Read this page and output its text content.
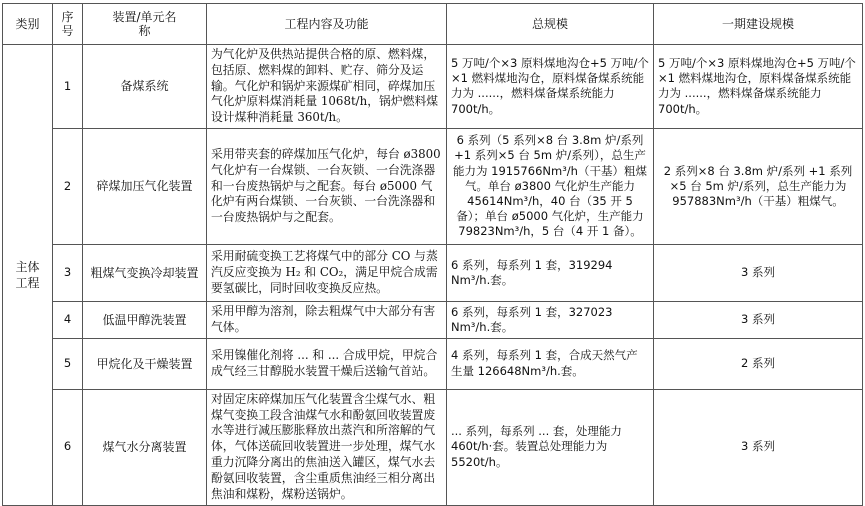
类别	序号	装置/单元名称	工程内容及功能	总规模	一期建设规模
主体工程	1	备煤系统	为气化炉及供热站提供合格的原、燃料煤，包括原、燃料煤的卸料、贮存、筛分及运输。气化炉和锅炉来源煤矿相同，碎煤加压气化炉原料煤消耗量 1068t/h，锅炉燃料煤设计煤种消耗量 360t/h。	5 万吨/个×3 原料煤地沟仓+5 万吨/个×1 燃料煤地沟仓，原料煤备煤系统能力为 ......，燃料煤备煤系统能力 700t/h。	5 万吨/个×3 原料煤地沟仓+5 万吨/个×1 燃料煤地沟仓，原料煤备煤系统能力为 ......，燃料煤备煤系统能力 700t/h。
	2	碎煤加压气化装置	采用带夹套的碎煤加压气化炉，每台 ø3800 气化炉有一台煤锁、一台灰锁、一台洗涤器和一台废热锅炉与之配套。每台 ø5000 气化炉有两台煤锁、一台灰锁、一台洗涤器和一台废热锅炉与之配套。	6 系列（5 系列×8 台 3.8m 炉/系列+1 系列×5 台 5m 炉/系列），总生产能力为 1915766Nm³/h（干基）粗煤气。单台 ø3800 气化炉生产能力 45614Nm³/h，40 台（35 开 5 备）；单台 ø5000 气化炉，生产能力 79823Nm³/h，5 台（4 开 1 备）。	2 系列×8 台 3.8m 炉/系列 +1 系列×5 台 5m 炉/系列，总生产能力为 957883Nm³/h（干基）粗煤气。
	3	粗煤气变换冷却装置	采用耐硫变换工艺将煤气中的部分 CO 与蒸汽反应变换为 H₂ 和 CO₂，满足甲烷合成需要氢碳比，同时回收变换反应热。	6 系列，每系列 1 套，319294 Nm³/h.套。	3 系列
	4	低温甲醇洗装置	采用甲醇为溶剂，除去粗煤气中大部分有害气体。	6 系列，每系列 1 套，327023 Nm³/h.套。	3 系列
	5	甲烷化及干燥装置	采用镍催化剂将 ... 和 ... 合成甲烷，甲烷合成气经三甘醇脱水装置干燥后送输气首站。	4 系列，每系列 1 套，合成天然气产生量 126648Nm³/h.套。	2 系列
	6	煤气水分离装置	对固定床碎煤加压气化装置含尘煤气水、粗煤气变换工段含油煤气水和酚氨回收装置废水等进行减压膨胀释放出蒸汽和所溶解的气体，气体送硫回收装置进一步处理，煤气水重力沉降分离出的焦油送入罐区，煤气水去酚氨回收装置，含尘重质焦油经三相分离出焦油和煤粉，煤粉送锅炉。	... 系列，每系列 ... 套，处理能力 460t/h·套。装置总处理能力为 5520t/h。	3 系列
